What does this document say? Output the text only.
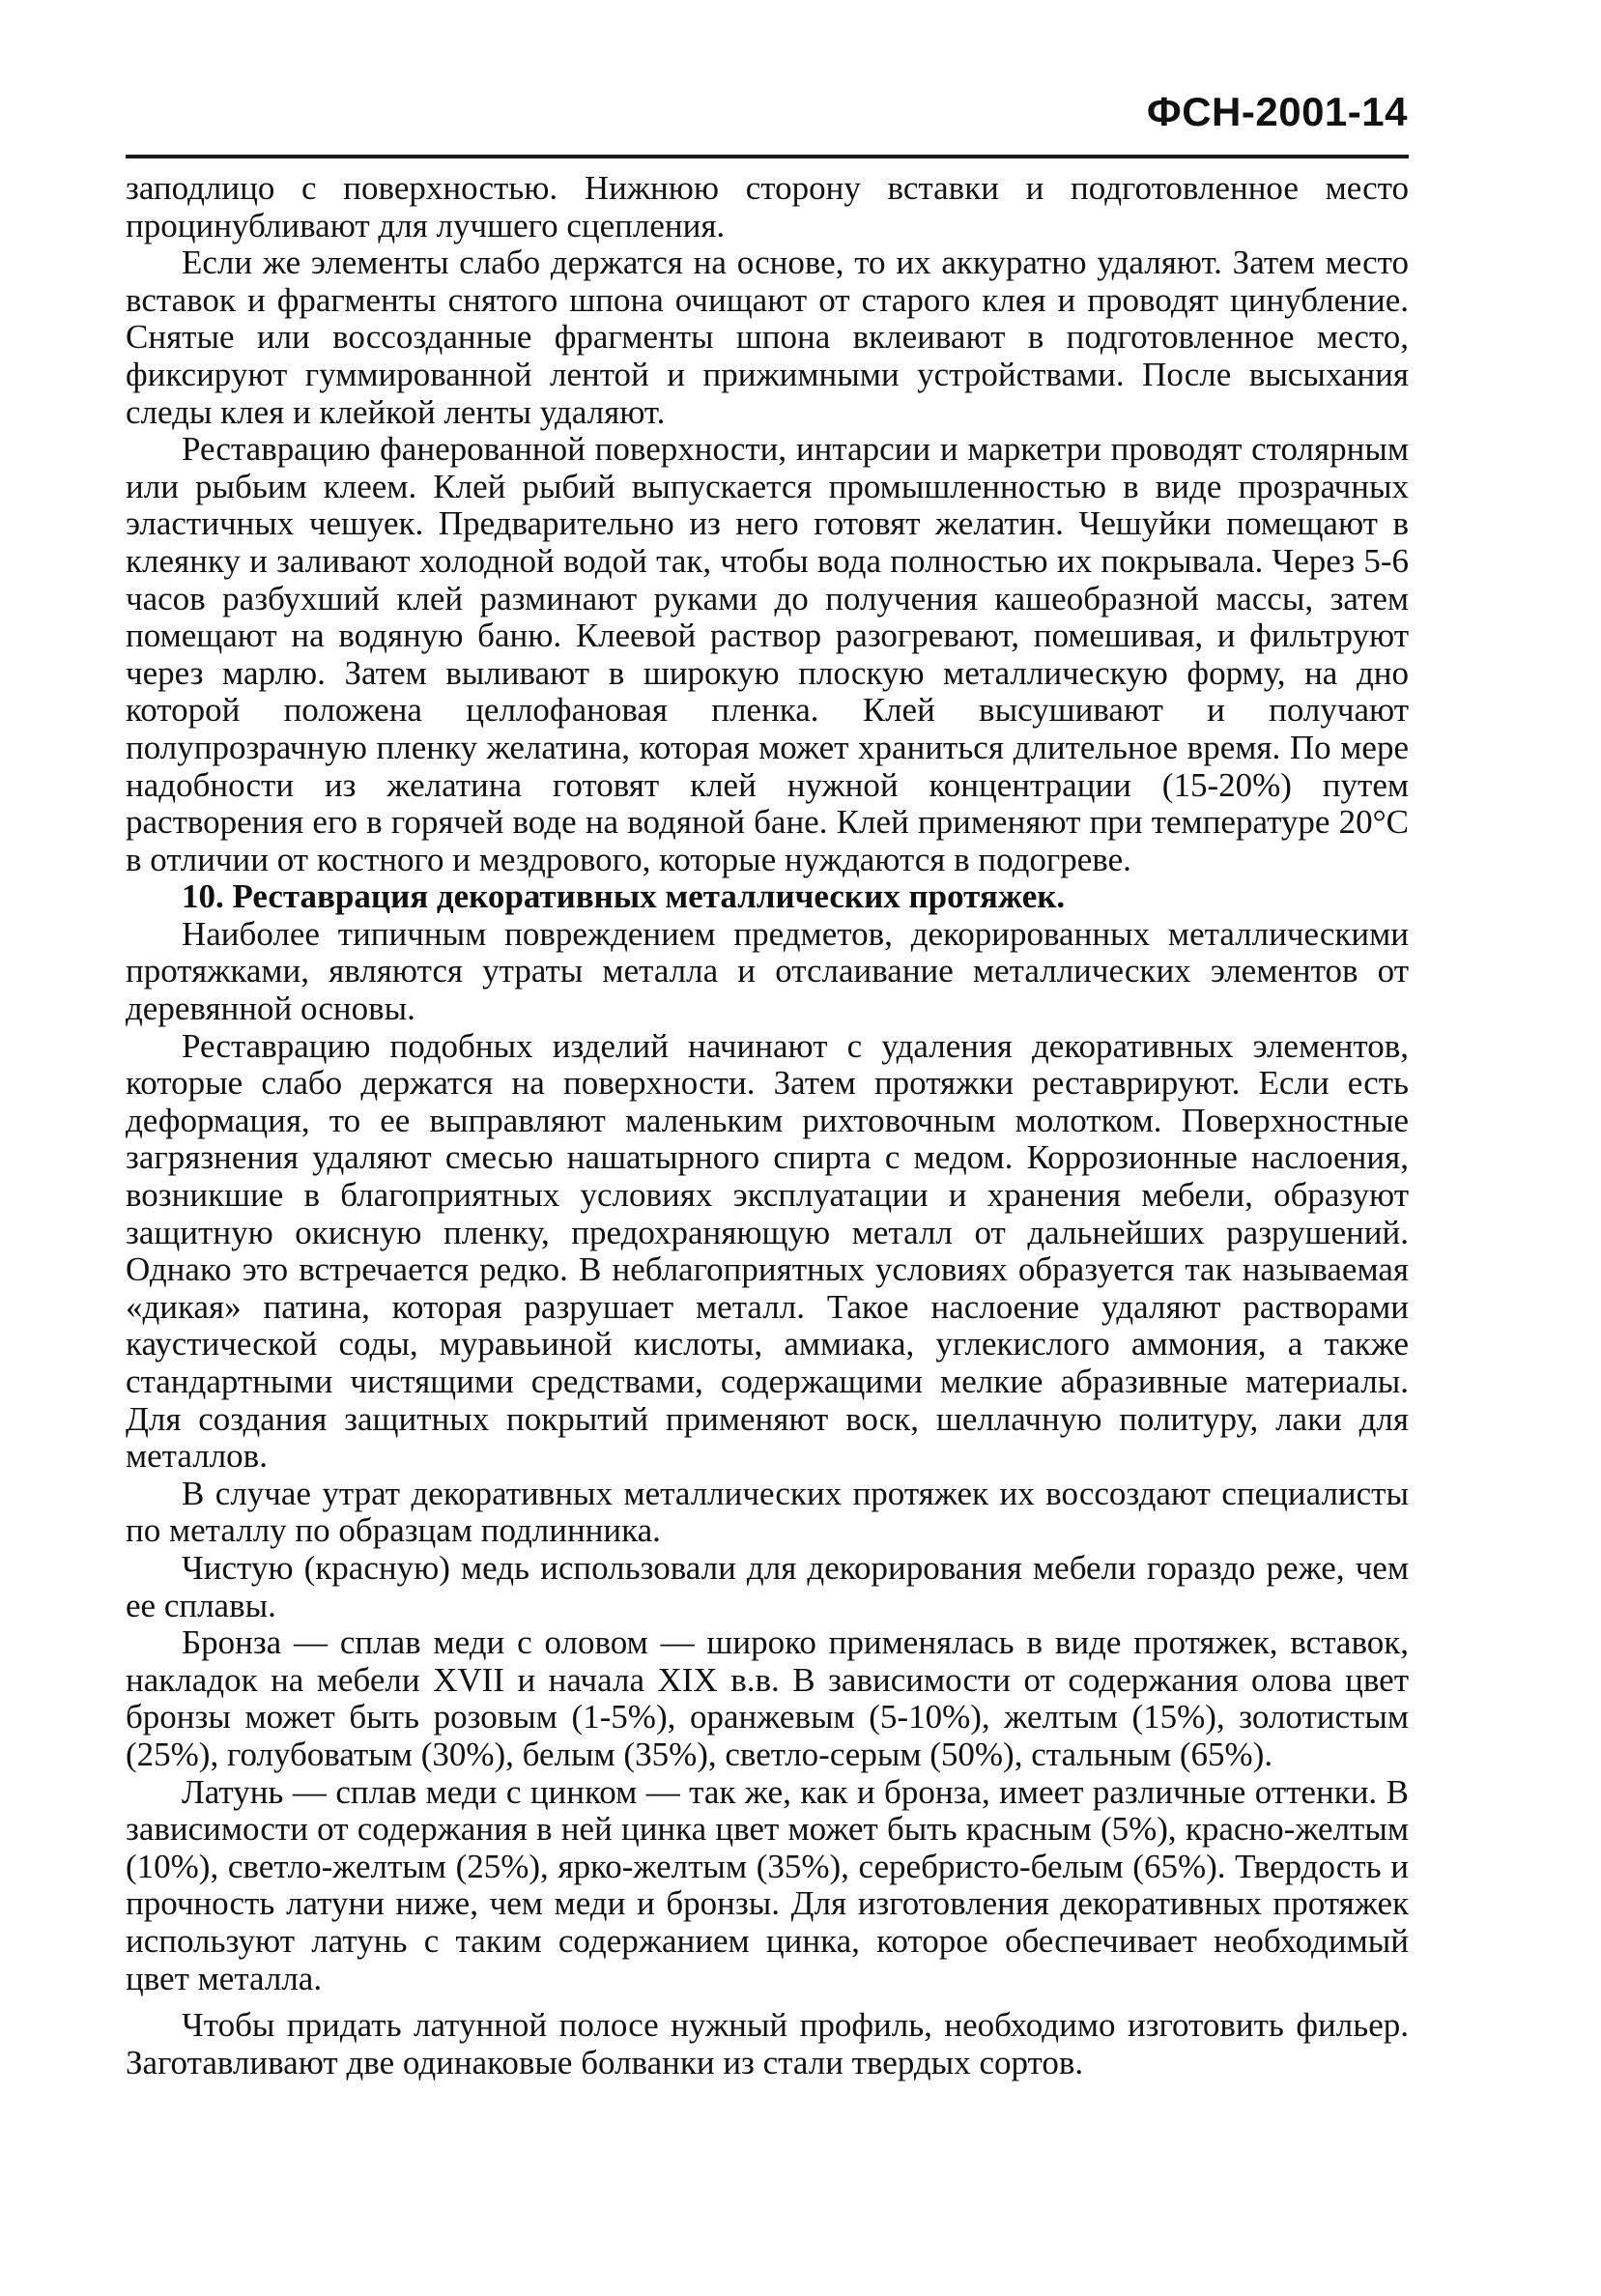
ФСН-2001-14

заподлицо с поверхностью. Нижнюю сторону вставки и подготовленное место процинубливают для лучшего сцепления.

Если же элементы слабо держатся на основе, то их аккуратно удаляют. Затем место вставок и фрагменты снятого шпона очищают от старого клея и проводят цинубление. Снятые или воссозданные фрагменты шпона вклеивают в подготовленное место, фиксируют гуммированной лентой и прижимными устройствами. После высыхания следы клея и клейкой ленты удаляют.

Реставрацию фанерованной поверхности, интарсии и маркетри проводят столярным или рыбьим клеем. Клей рыбий выпускается промышленностью в виде прозрачных эластичных чешуек. Предварительно из него готовят желатин. Чешуйки помещают в клеянку и заливают холодной водой так, чтобы вода полностью их покрывала. Через 5-6 часов разбухший клей разминают руками до получения кашеобразной массы, затем помещают на водяную баню. Клеевой раствор разогревают, помешивая, и фильтруют через марлю. Затем выливают в широкую плоскую металлическую форму, на дно которой положена целлофановая пленка. Клей высушивают и получают полупрозрачную пленку желатина, которая может храниться длительное время. По мере надобности из желатина готовят клей нужной концентрации (15-20%) путем растворения его в горячей воде на водяной бане. Клей применяют при температуре 20°С в отличии от костного и мездрового, которые нуждаются в подогреве.

10. Реставрация декоративных металлических протяжек.

Наиболее типичным повреждением предметов, декорированных металлическими протяжками, являются утраты металла и отслаивание металлических элементов от деревянной основы.

Реставрацию подобных изделий начинают с удаления декоративных элементов, которые слабо держатся на поверхности. Затем протяжки реставрируют. Если есть деформация, то ее выправляют маленьким рихтовочным молотком. Поверхностные загрязнения удаляют смесью нашатырного спирта с медом. Коррозионные наслоения, возникшие в благоприятных условиях эксплуатации и хранения мебели, образуют защитную окисную пленку, предохраняющую металл от дальнейших разрушений. Однако это встречается редко. В неблагоприятных условиях образуется так называемая «дикая» патина, которая разрушает металл. Такое наслоение удаляют растворами каустической соды, муравьиной кислоты, аммиака, углекислого аммония, а также стандартными чистящими средствами, содержащими мелкие абразивные материалы. Для создания защитных покрытий применяют воск, шеллачную политуру, лаки для металлов.

В случае утрат декоративных металлических протяжек их воссоздают специалисты по металлу по образцам подлинника.

Чистую (красную) медь использовали для декорирования мебели гораздо реже, чем ее сплавы.

Бронза — сплав меди с оловом — широко применялась в виде протяжек, вставок, накладок на мебели XVII и начала XIX в.в. В зависимости от содержания олова цвет бронзы может быть розовым (1-5%), оранжевым (5-10%), желтым (15%), золотистым (25%), голубоватым (30%), белым (35%), светло-серым (50%), стальным (65%).

Латунь — сплав меди с цинком — так же, как и бронза, имеет различные оттенки. В зависимости от содержания в ней цинка цвет может быть красным (5%), красно-желтым (10%), светло-желтым (25%), ярко-желтым (35%), серебристо-белым (65%). Твердость и прочность латуни ниже, чем меди и бронзы. Для изготовления декоративных протяжек используют латунь с таким содержанием цинка, которое обеспечивает необходимый цвет металла.

Чтобы придать латунной полосе нужный профиль, необходимо изготовить фильер. Заготавливают две одинаковые болванки из стали твердых сортов.
